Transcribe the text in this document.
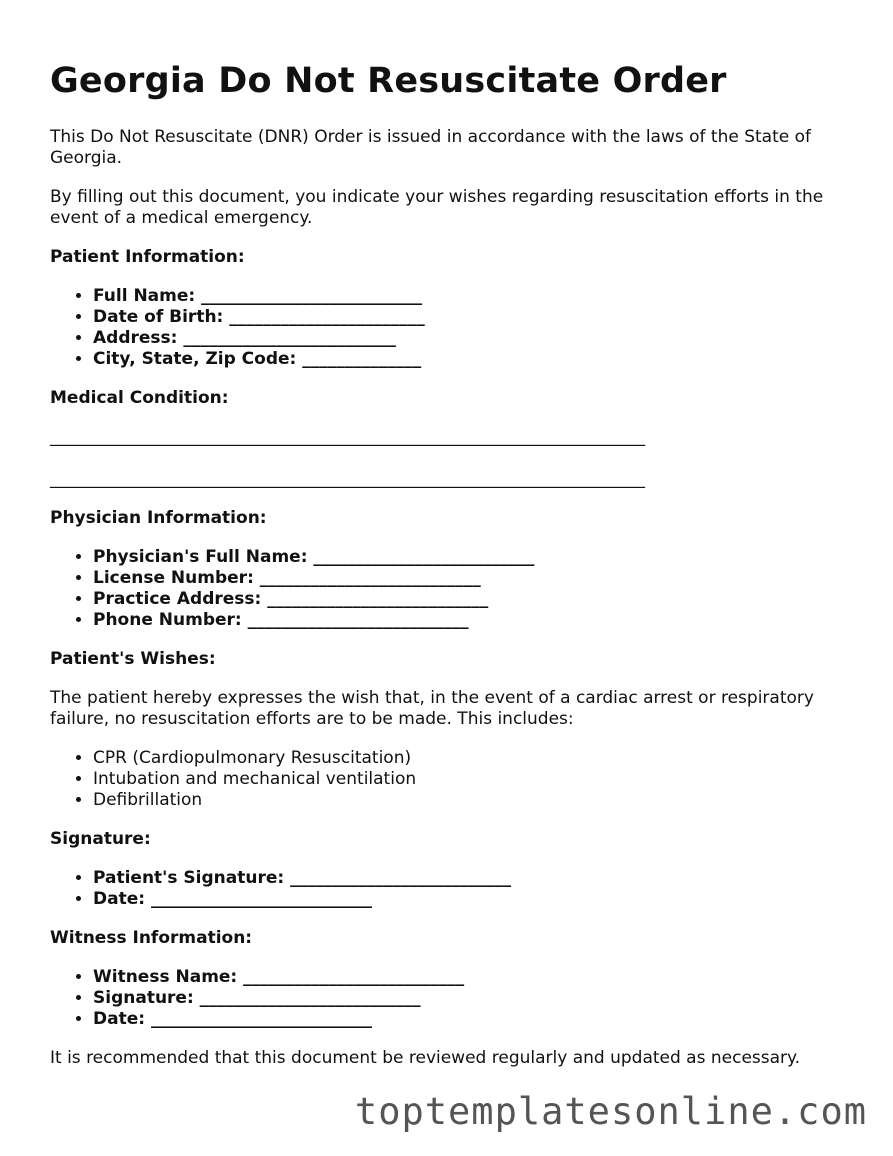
Georgia Do Not Resuscitate Order

This Do Not Resuscitate (DNR) Order is issued in accordance with the laws of the State of Georgia.

By filling out this document, you indicate your wishes regarding resuscitation efforts in the event of a medical emergency.

Patient Information:
• Full Name: __________________________
• Date of Birth: _______________________
• Address: _________________________
• City, State, Zip Code: ______________
Medical Condition:
______________________________________________________________________
______________________________________________________________________
Physician Information:
• Physician's Full Name: __________________________
• License Number: __________________________
• Practice Address: __________________________
• Phone Number: __________________________
Patient's Wishes:

The patient hereby expresses the wish that, in the event of a cardiac arrest or respiratory failure, no resuscitation efforts are to be made. This includes:

• CPR (Cardiopulmonary Resuscitation)
• Intubation and mechanical ventilation
• Defibrillation
Signature:
• Patient's Signature: __________________________
• Date: __________________________
Witness Information:
• Witness Name: __________________________
• Signature: __________________________
• Date: __________________________

It is recommended that this document be reviewed regularly and updated as necessary.

toptemplatesonline.com
